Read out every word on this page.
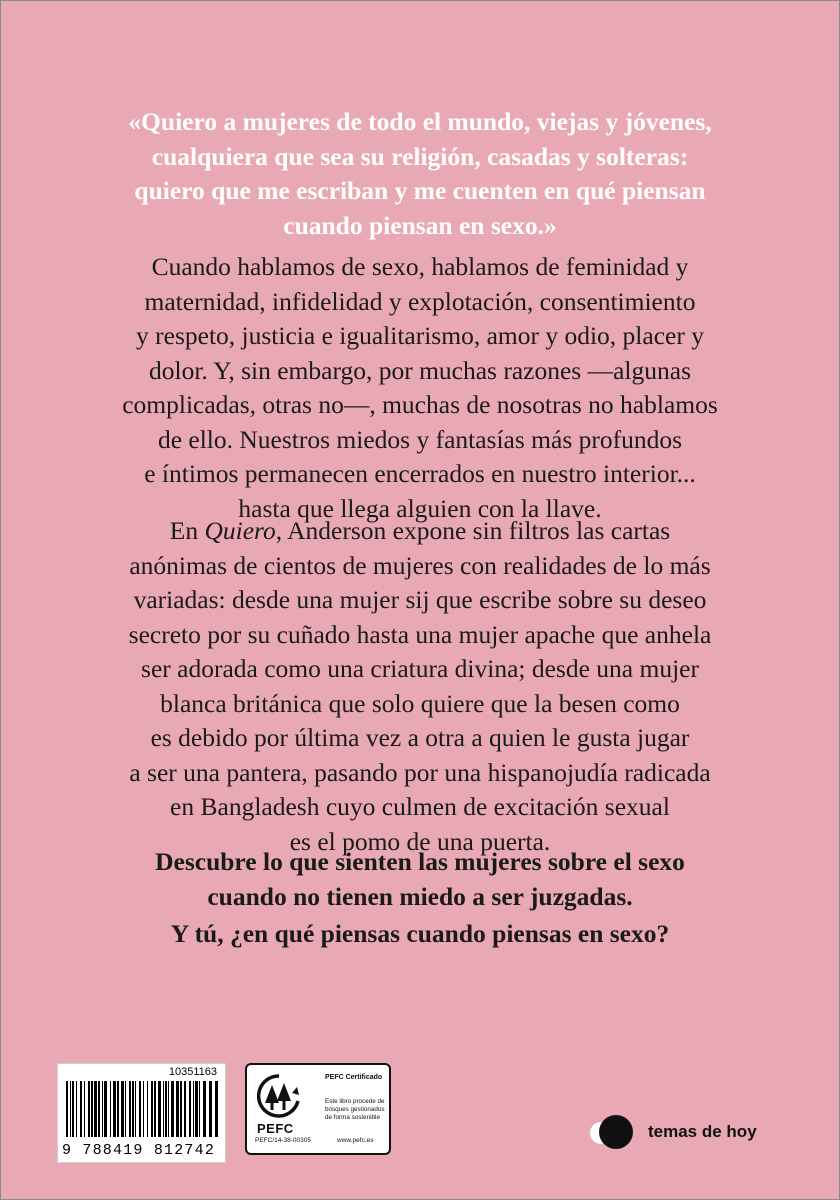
«Quiero a mujeres de todo el mundo, viejas y jóvenes,
cualquiera que sea su religión, casadas y solteras:
quiero que me escriban y me cuenten en qué piensan
cuando piensan en sexo.»
Cuando hablamos de sexo, hablamos de feminidad y
maternidad, infidelidad y explotación, consentimiento
y respeto, justicia e igualitarismo, amor y odio, placer y
dolor. Y, sin embargo, por muchas razones —algunas
complicadas, otras no—, muchas de nosotras no hablamos
de ello. Nuestros miedos y fantasías más profundos
e íntimos permanecen encerrados en nuestro interior...
hasta que llega alguien con la llave.
En Quiero, Anderson expone sin filtros las cartas
anónimas de cientos de mujeres con realidades de lo más
variadas: desde una mujer sij que escribe sobre su deseo
secreto por su cuñado hasta una mujer apache que anhela
ser adorada como una criatura divina; desde una mujer
blanca británica que solo quiere que la besen como
es debido por última vez a otra a quien le gusta jugar
a ser una pantera, pasando por una hispanojudía radicada
en Bangladesh cuyo culmen de excitación sexual
es el pomo de una puerta.
Descubre lo que sienten las mujeres sobre el sexo
cuando no tienen miedo a ser juzgadas.
Y tú, ¿en qué piensas cuando piensas en sexo?
10351163
9 788419 812742
PEFC
PEFC/14-38-00305
PEFC Certificado
Este libro procede de bosques gestionados de forma sostenible
www.pefc.es	temas de hoy
